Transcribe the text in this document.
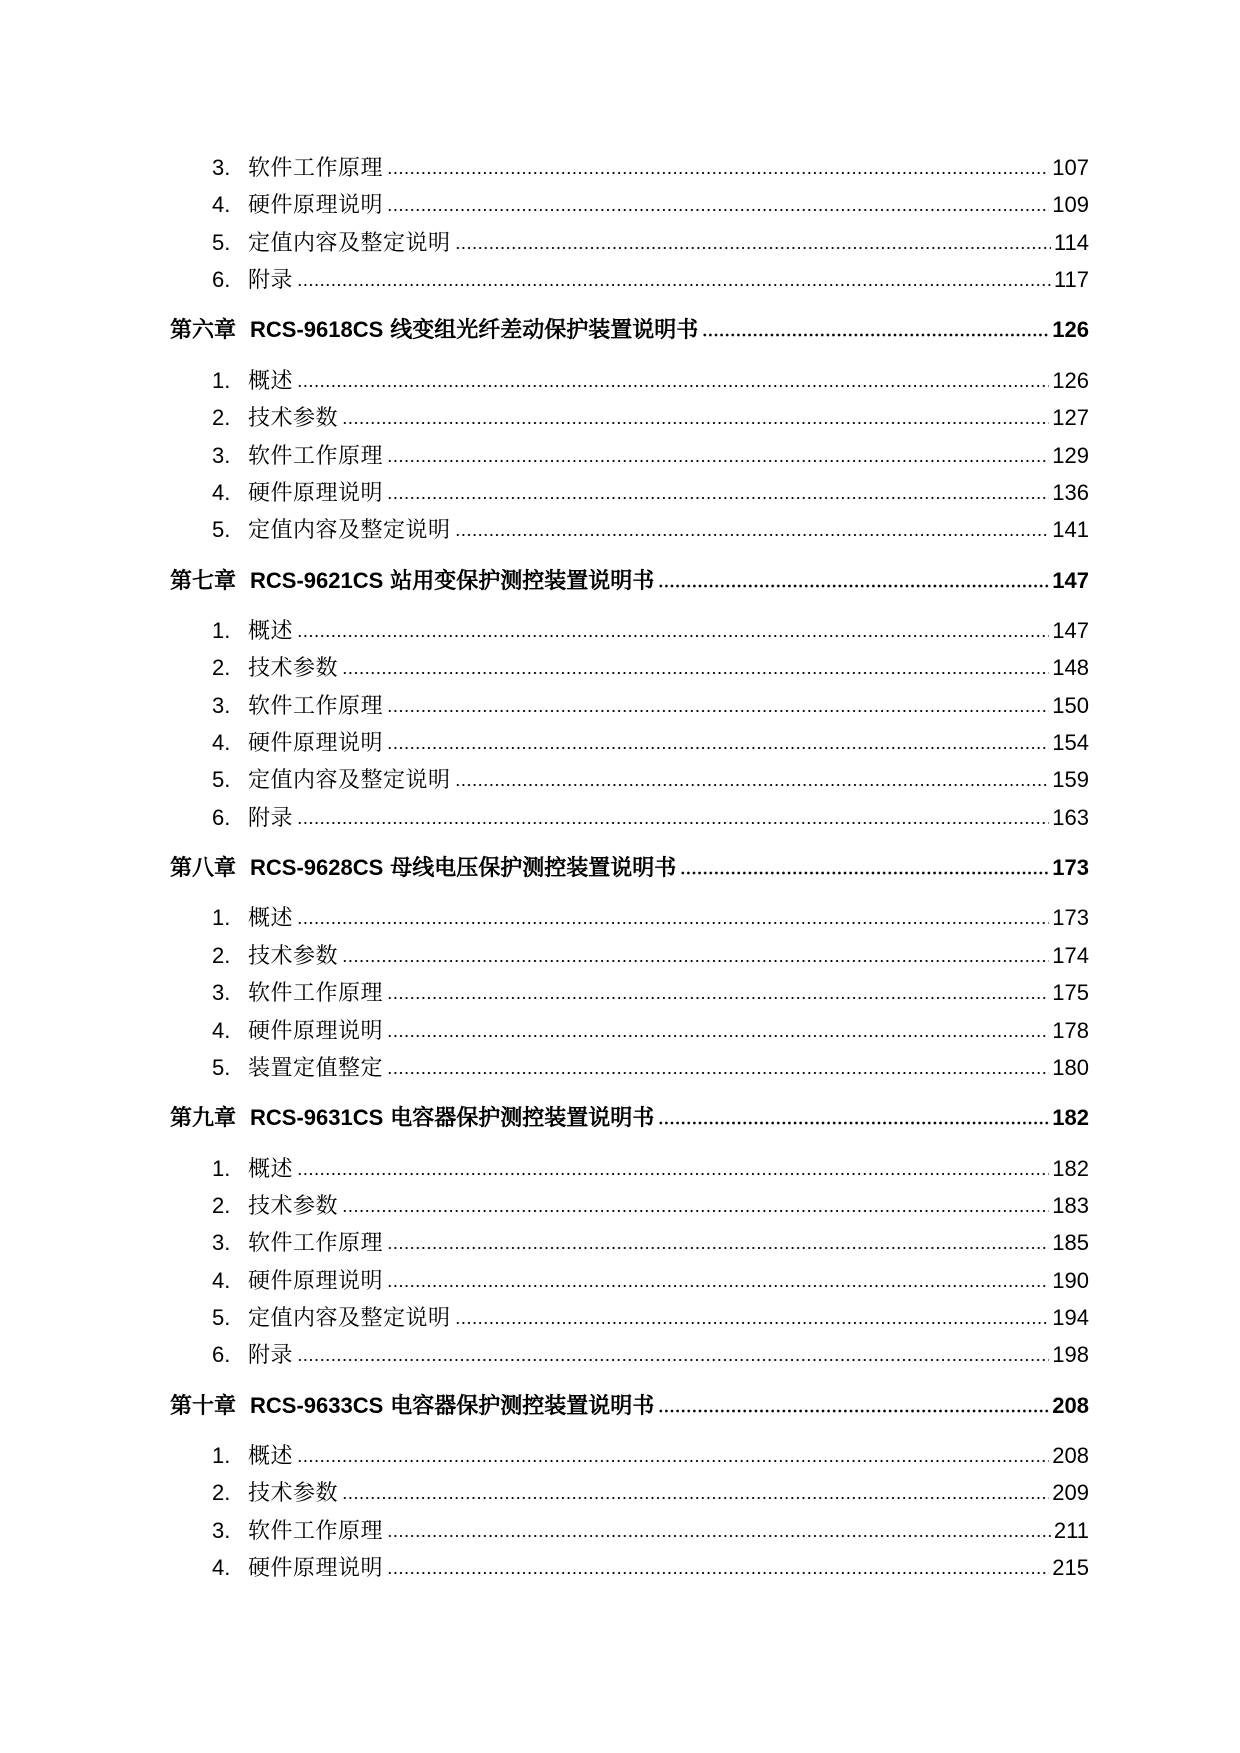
3. 软件工作原理	107
4. 硬件原理说明	109
5. 定值内容及整定说明	114
6. 附录	117
第六章 RCS-9618CS 线变组光纤差动保护装置说明书	126
1. 概述	126
2. 技术参数	127
3. 软件工作原理	129
4. 硬件原理说明	136
5. 定值内容及整定说明	141
第七章 RCS-9621CS 站用变保护测控装置说明书	147
1. 概述	147
2. 技术参数	148
3. 软件工作原理	150
4. 硬件原理说明	154
5. 定值内容及整定说明	159
6. 附录	163
第八章 RCS-9628CS 母线电压保护测控装置说明书	173
1. 概述	173
2. 技术参数	174
3. 软件工作原理	175
4. 硬件原理说明	178
5. 装置定值整定	180
第九章 RCS-9631CS 电容器保护测控装置说明书	182
1. 概述	182
2. 技术参数	183
3. 软件工作原理	185
4. 硬件原理说明	190
5. 定值内容及整定说明	194
6. 附录	198
第十章 RCS-9633CS 电容器保护测控装置说明书	208
1. 概述	208
2. 技术参数	209
3. 软件工作原理	211
4. 硬件原理说明	215
